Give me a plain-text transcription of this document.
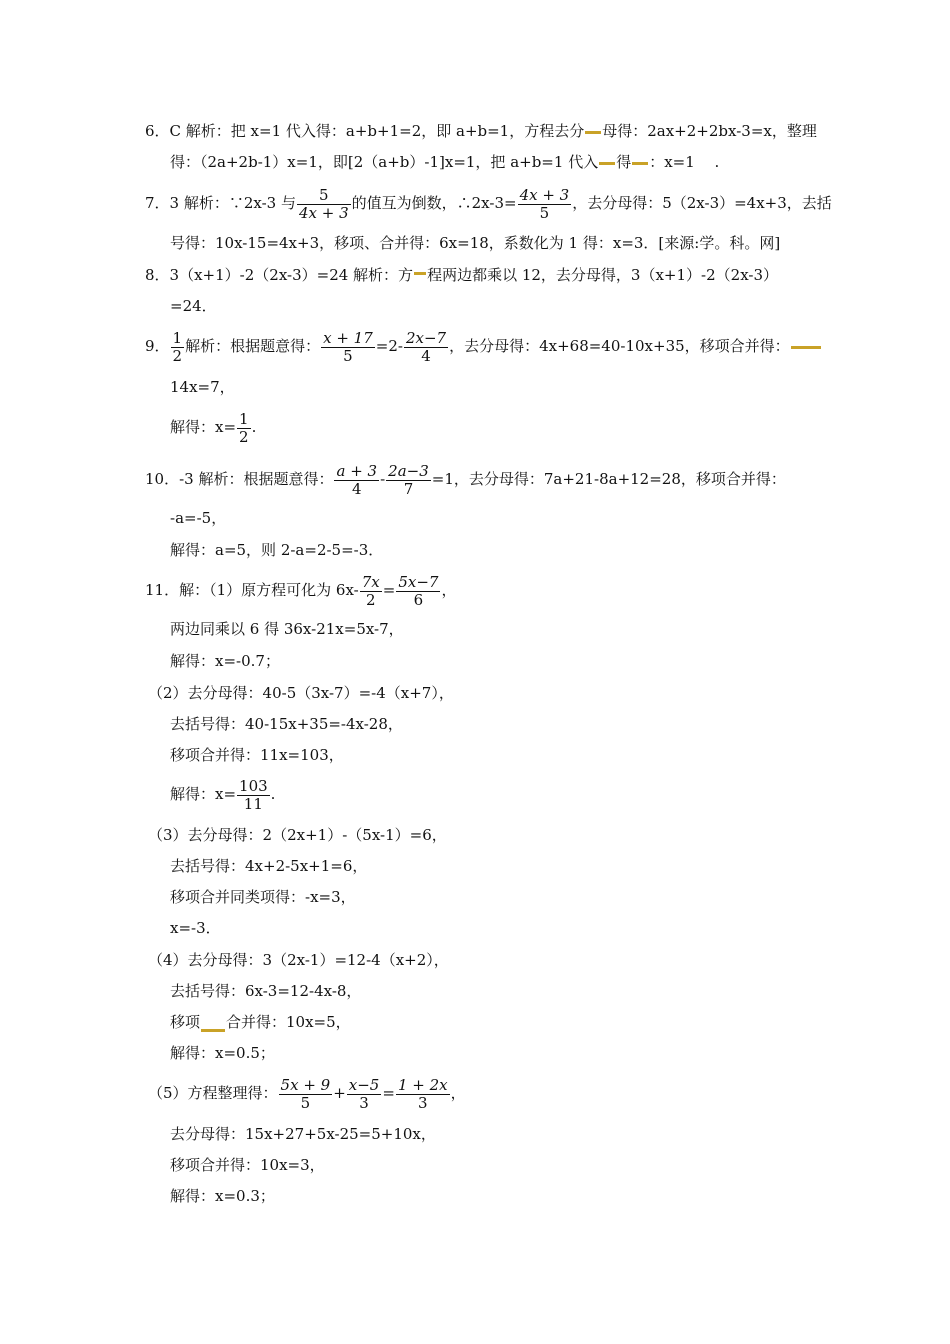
6．C 解析：把 x=1 代入得：a+b+1=2，即 a+b=1，方程去分 母得：2ax+2+2bx-3=x，整理
得：（2a+2b-1）x=1，即[2（a+b）-1]x=1，把 a+b=1 代入 得 ：x=1　 .
7．3 解析：∵2x-3 与 $\frac{5}{4x + 3}$ 的值互为倒数，∴2x-3= $\frac{4x + 3}{5}$ ，去分母得：5（2x-3）=4x+3，去括
号得：10x-15=4x+3，移项、合并得：6x=18，系数化为 1 得：x=3．[来源:学。科。网]
8．3（x+1）-2（2x-3）=24 解析：方 程两边都乘以 12，去分母得，3（x+1）-2（2x-3）
=24．
9． $\frac{1}{2}$ 解析：根据题意得： $\frac{x + 17}{5} =2- \frac{2x-7}{4}$ ，去分母得：4x+68=40-10x+35，移项合并得：
14x=7，
解得：$x= \frac{1}{2}$ .
10．-3 解析：根据题意得： $\frac{a + 3}{4} - \frac{2a-3}{7} =1$，去分母得：7a+21-8a+12=28，移项合并得：
-a=-5，
解得：a=5，则 2-a=2-5=-3．
11．解：（1）原方程可化为 $6x- \frac{7x}{2} = \frac{5x-7}{6}$ ，
两边同乘以 6 得 36x-21x=5x-7，
解得：x=-0.7；
（2）去分母得：40-5（3x-7）=-4（x+7），
去括号得：40-15x+35=-4x-28，
移项合并得：11x=103，
解得：$x= \frac{103}{11}$ .
（3）去分母得：2（2x+1）-（5x-1）=6，
去括号得：4x+2-5x+1=6，
移项合并同类项得：-x=3，
x=-3．
（4）去分母得：3（2x-1）=12-4（x+2），
去括号得：6x-3=12-4x-8，
移项 合并得：10x=5，
解得：x=0.5；
（5）方程整理得： $\frac{5x + 9}{5} + \frac{x-5}{3} = \frac{1 + 2x}{3}$ ，
去分母得：15x+27+5x-25=5+10x，
移项合并得：10x=3，
解得：x=0.3；
